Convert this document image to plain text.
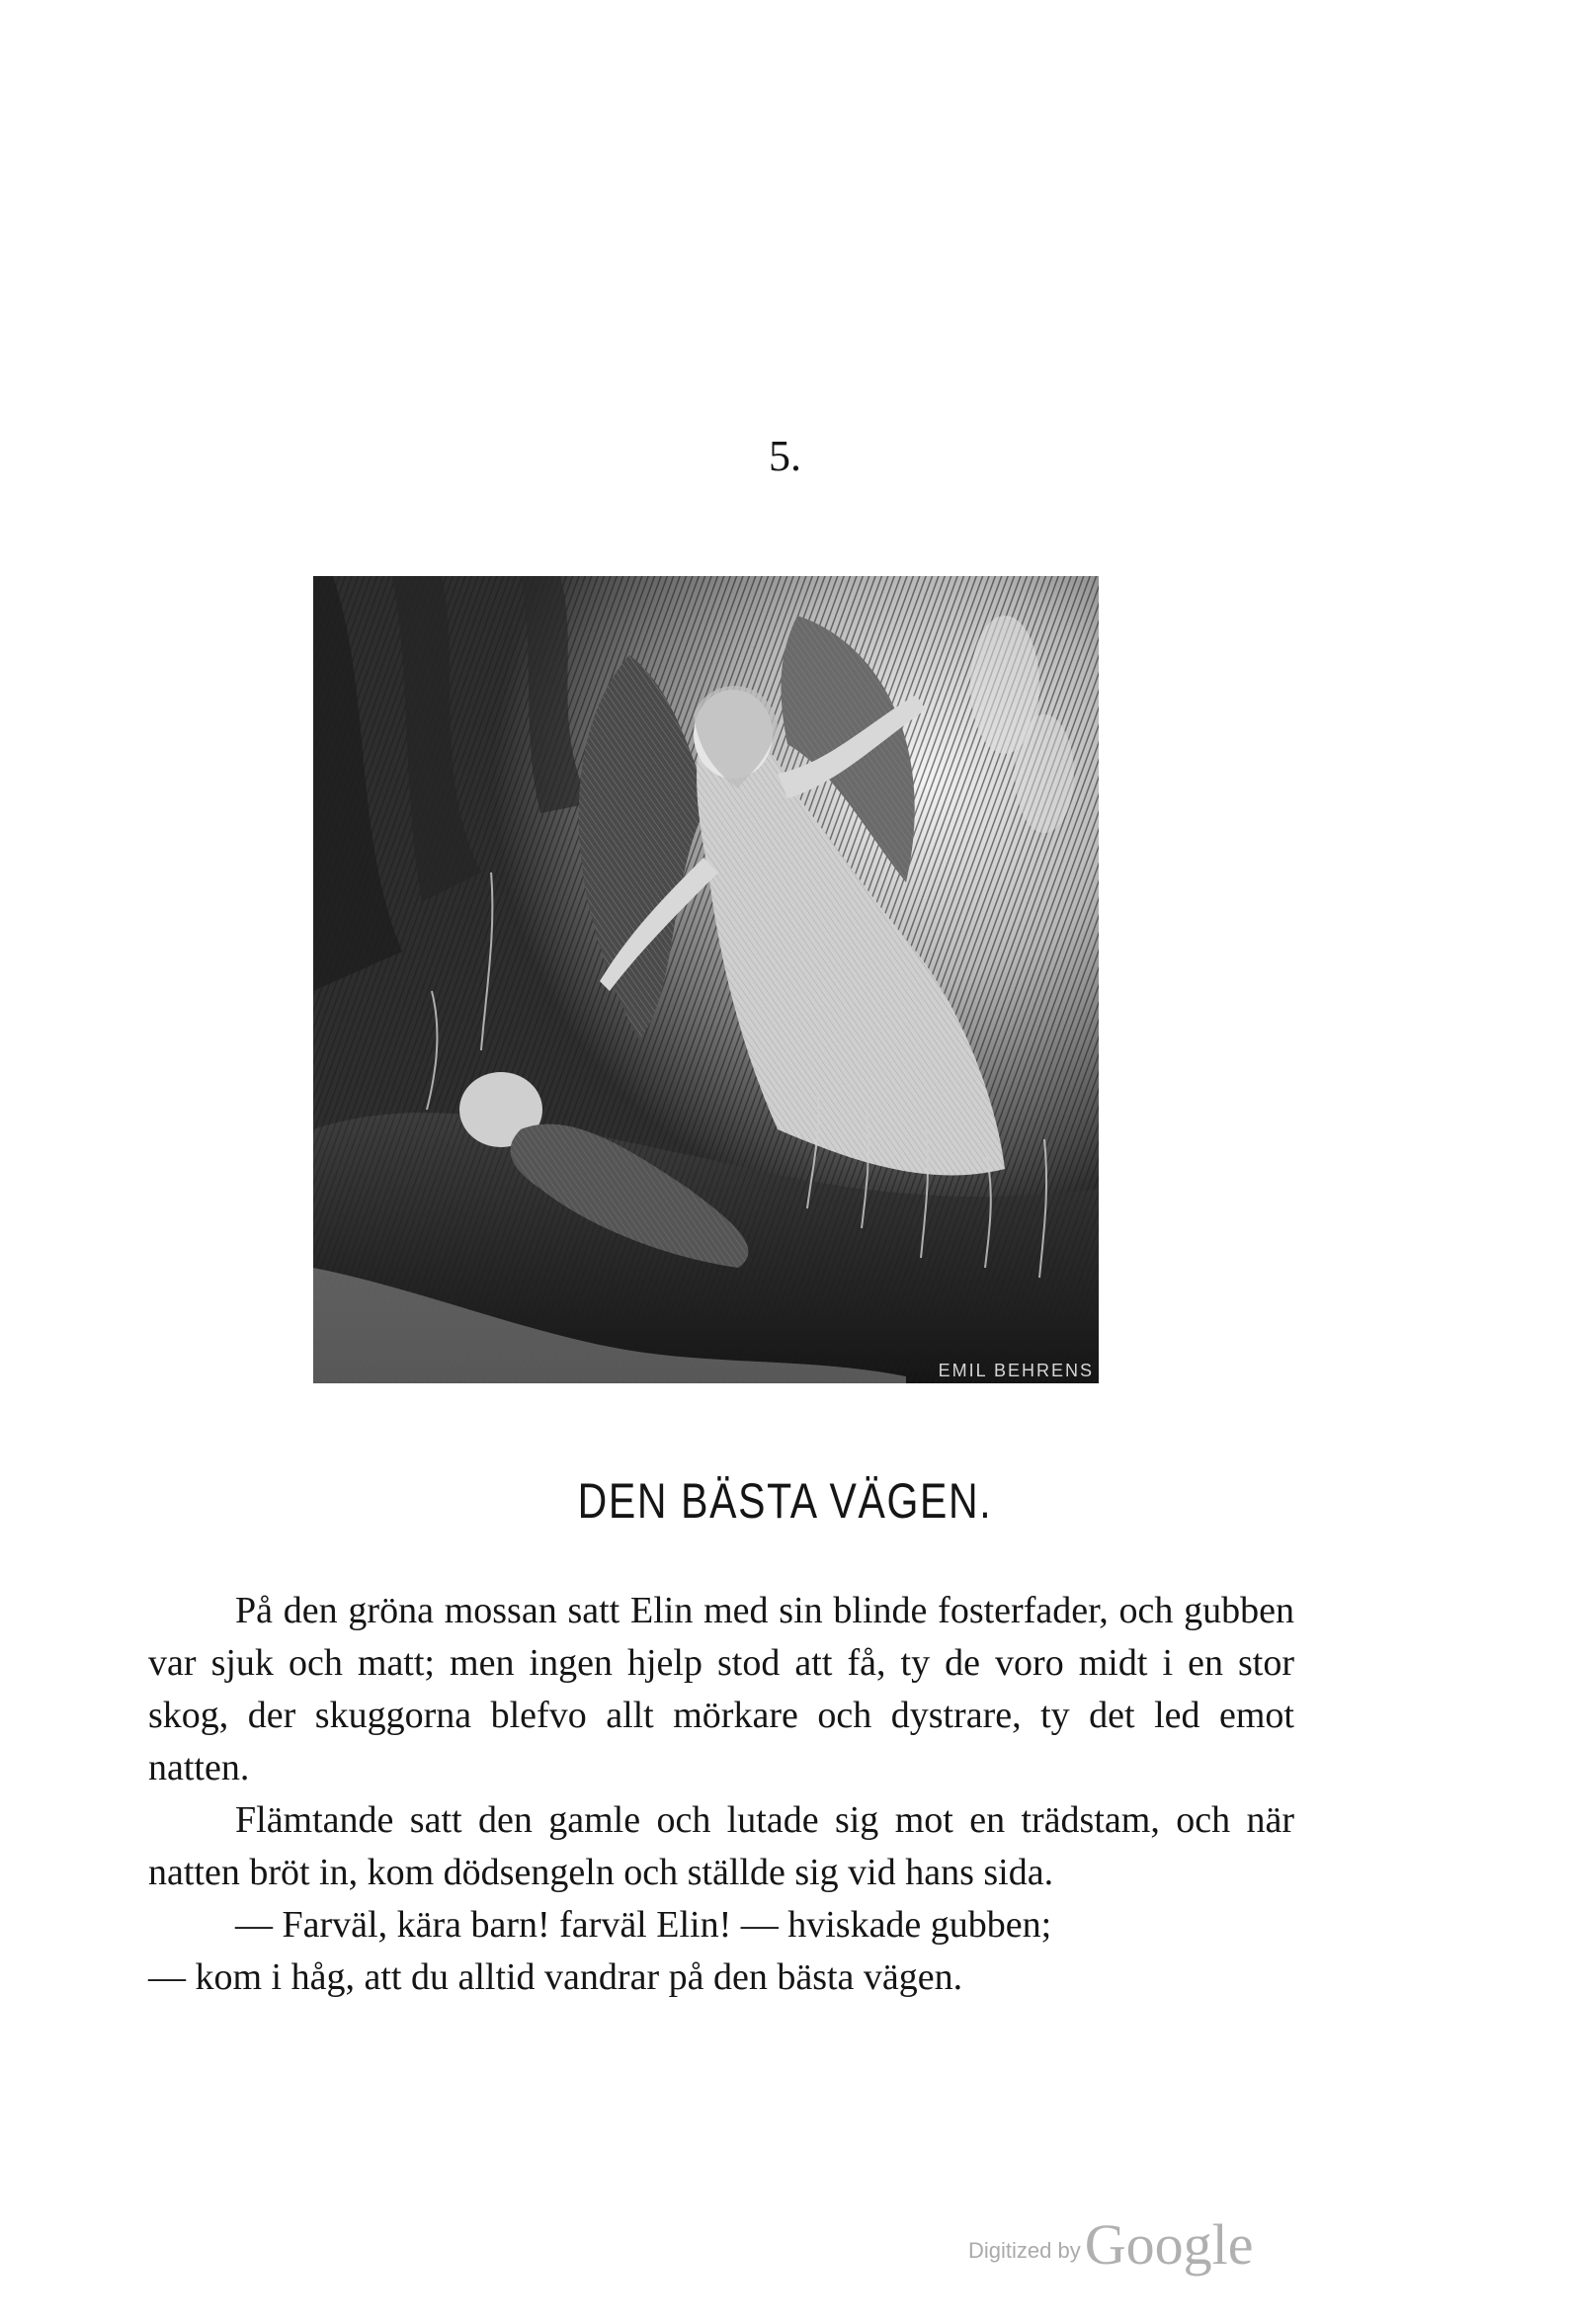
5.
EMIL BEHRENS
DEN BÄSTA VÄGEN.

På den gröna mossan satt Elin med sin blinde fosterfader, och gubben var sjuk och matt; men ingen hjelp stod att få, ty de voro midt i en stor skog, der skuggorna blefvo allt mörkare och dystrare, ty det led emot natten.

Flämtande satt den gamle och lutade sig mot en trädstam, och när natten bröt in, kom dödsengeln och ställde sig vid hans sida.

— Farväl, kära barn! farväl Elin! — hviskade gubben;

— kom i håg, att du alltid vandrar på den bästa vägen.

Digitized by Google
